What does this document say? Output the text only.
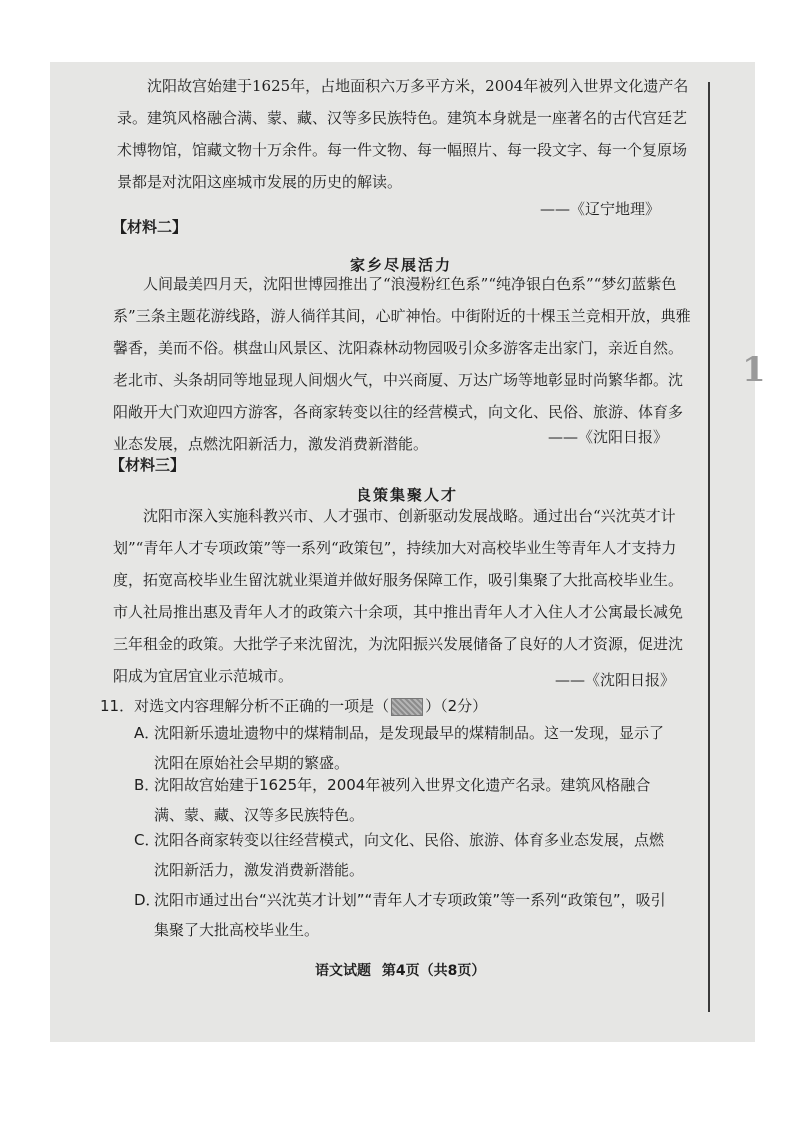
1

沈阳故宫始建于1625年，占地面积六万多平方米，2004年被列入世界文化遗产名录。建筑风格融合满、蒙、藏、汉等多民族特色。建筑本身就是一座著名的古代宫廷艺术博物馆，馆藏文物十万余件。每一件文物、每一幅照片、每一段文字、每一个复原场景都是对沈阳这座城市发展的历史的解读。

——《辽宁地理》
【材料二】
家乡尽展活力

人间最美四月天，沈阳世博园推出了“浪漫粉红色系”“纯净银白色系”“梦幻蓝紫色系”三条主题花游线路，游人徜徉其间，心旷神怡。中街附近的十棵玉兰竞相开放，典雅馨香，美而不俗。棋盘山风景区、沈阳森林动物园吸引众多游客走出家门，亲近自然。老北市、头条胡同等地显现人间烟火气，中兴商厦、万达广场等地彰显时尚繁华都。沈阳敞开大门欢迎四方游客，各商家转变以往的经营模式，向文化、民俗、旅游、体育多业态发展，点燃沈阳新活力，激发消费新潜能。	——《沈阳日报》
【材料三】
良策集聚人才

沈阳市深入实施科教兴市、人才强市、创新驱动发展战略。通过出台“兴沈英才计划”“青年人才专项政策”等一系列“政策包”，持续加大对高校毕业生等青年人才支持力度，拓宽高校毕业生留沈就业渠道并做好服务保障工作，吸引集聚了大批高校毕业生。市人社局推出惠及青年人才的政策六十余项，其中推出青年人才入住人才公寓最长减免三年租金的政策。大批学子来沈留沈，为沈阳振兴发展储备了良好的人才资源，促进沈阳成为宜居宜业示范城市。	——《沈阳日报》
11．对选文内容理解分析不正确的一项是（ ）（2分）
A．
沈阳新乐遗址遗物中的煤精制品，是发现最早的煤精制品。这一发现，显示了沈阳在原始社会早期的繁盛。
B．
沈阳故宫始建于1625年，2004年被列入世界文化遗产名录。建筑风格融合满、蒙、藏、汉等多民族特色。
C．
沈阳各商家转变以往经营模式，向文化、民俗、旅游、体育多业态发展，点燃沈阳新活力，激发消费新潜能。
D．
沈阳市通过出台“兴沈英才计划”“青年人才专项政策”等一系列“政策包”，吸引集聚了大批高校毕业生。
语文试题 第4页（共8页）
